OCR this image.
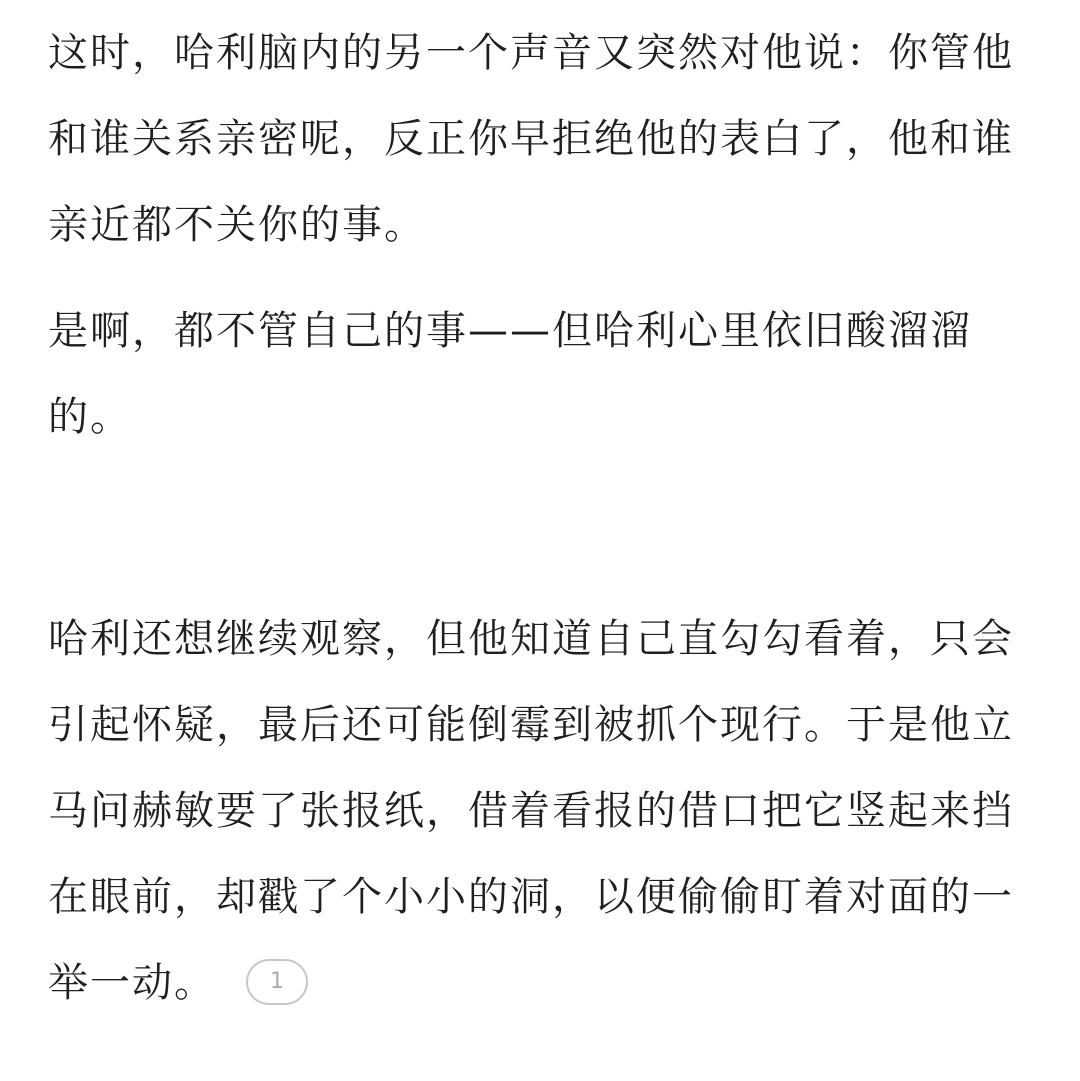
这时，哈利脑内的另一个声音又突然对他说：你管他和谁关系亲密呢，反正你早拒绝他的表白了，他和谁亲近都不关你的事。

是啊，都不管自己的事——但哈利心里依旧酸溜溜的。

哈利还想继续观察，但他知道自己直勾勾看着，只会引起怀疑，最后还可能倒霉到被抓个现行。于是他立马问赫敏要了张报纸，借着看报的借口把它竖起来挡在眼前，却戳了个小小的洞，以便偷偷盯着对面的一举一动。 1
